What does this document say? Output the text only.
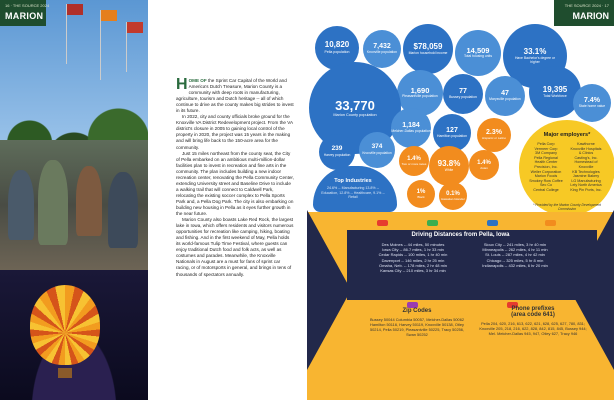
16 · THE SOURCE 2024
MARION

HOME OF the Sprint Car Capital of the World and America's Dutch Treasure, Marion County is a community with deep roots in manufacturing, agriculture, tourism and Dutch heritage -- all of which continue to drive as the county makes big strides to invest in its future.

In 2022, city and county officials broke ground for the Knoxville VA District Redevelopment project. From the VA district's closure in 2005 to gaining local control of the property in 2020, the project was 15 years in the making and will bring life back to the 150-acre area for the community.

Just 15 miles northeast from the county seat, the City of Pella embarked on an ambitious multi-million-dollar facilities plan to invest in recreation and fine arts in the community. The plan includes building a new indoor recreation center, renovating the Pella Community Center, extending University street and Baseline Drive to include a walking trail that will connect to Caldwell Park, relocating the existing soccer complex to Pella Sports Park and, a Pella Dog Park. The city is also embarking on building new housing in Pella as it eyes further growth in the near future.

Marion County also boasts Lake Red Rock, the largest lake in Iowa, which offers residents and visitors numerous opportunities for recreation like camping, hiking, boating and fishing. And in the first weekend of May, Pella holds its world-famous Tulip Time Festival, where guests can enjoy traditional Dutch food and folk acts, as well as costumes and parades. Meanwhile, the Knoxville Nationals in August are a must for fans of sprint car racing, or of motorsports in general, and brings in tens of thousands of spectators annually.

THE SOURCE 2024 · 17
MARION
10,820
Pella population
7,432
Knoxville population
$78,059
Marion household income	14,509
Total housing units
33.1%
Have Bachelor's degree or higher
1,690
Pleasantville population
77
Bussey population	47
Marysville population
19,395
Total Workforce
33,770
Marion County population
1,184
Melcher-Dallas population 127
Hamilton population
7.4%
State home value
239
Harvey population
374
Knoxville population
1.4%
Two or more races 93.8%
White
1.4%
Asian
2.3%
Hispanic or Latino
1%
Black	0.1%
Hawaiian Islander
Top Industries
24.6% -- Manufacturing 13.8% -- Education, 12.8% -- Healthcare, 9.1% -- Retail
Major employers*
Pella Corp
Vermeer Corp
3M Company
Pella Regional
Health Center
Precision, Inc.
Weiler Corporation
Marion Foods
Smokey Row Coffee
Sec Co
Central College
Kawthorne
Knoxville Hospitals
& Clinics
Casting's, Inc.
Homestead of
Knoxville
KB Technologies
Jasmine Bakery
LG Manufacturing
Lely North America
King Pin Ports, Inc.
* Provided by the Marion County Development Commission
Driving Distances from Pella, Iowa
Des Moines -- 44 miles, 50 minutes
Iowa City -- 86.7 miles, 1 hr 33 min
Cedar Rapids -- 100 miles, 1 hr 40 min
Davenport -- 146 miles, 2 hr 25 min
Omaha, Neb. -- 178 miles, 2 hr 48 min
Kansas City -- 210 miles, 3 hr 34 min
Sioux City -- 241 miles, 3 hr 40 min
Minneapolis -- 262 miles, 4 hr 11 min
St. Louis -- 287 miles, 4 hr 42 min
Chicago -- 325 miles, 5 hr 8 min
Indianapolis -- 432 miles, 6 hr 20 min
Zip Codes
Bussey 50044 Columbia 50057, Melcher-Dallas 50062 Hamilton 50116, Harvey 50119, Knoxville 50138, Otley 50214, Pella 50219, Pleasantville 50225, Tracy 50256, Swan 50252
Phone prefixes
(area code 641)
Pella 204, 620, 216, 613, 622, 621, 628, 625, 627, 780, 831; Knoxville 205, 218, 216, 622, 828, 842, 815, 845, Bussey 944; Mel. Melcher-Dallas 945, 947, Otley 627, Tracy 946
